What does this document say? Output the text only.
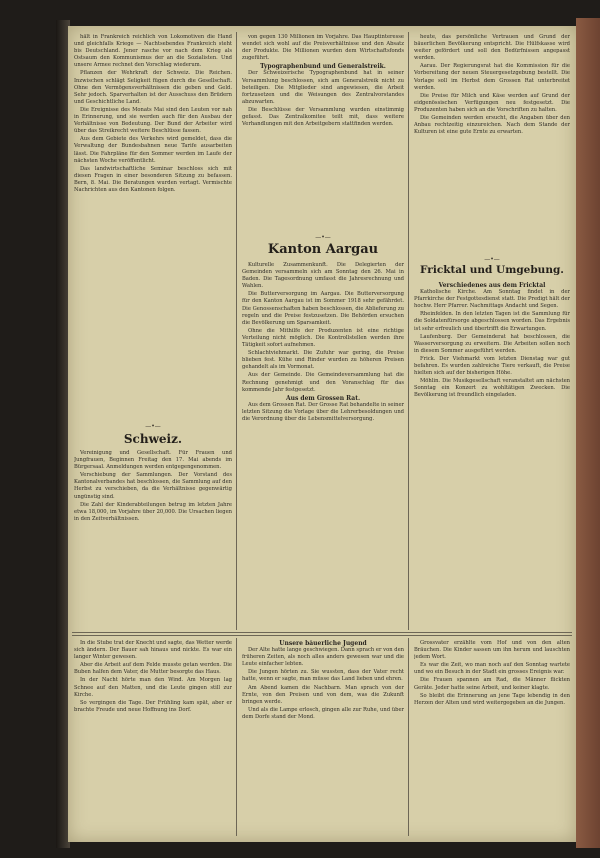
hält in Frankreich reichlich von Lokomotiven die Hand und gleichfalls Kriege — Nachtsebendes Frankreich steht bis Deutschland. Jener rasche vor nach dem Krieg als Ostsaum den Kommunismus der an die Sozialisten. Und unsere Armee rechnet den Vorschlag wiederum.

Pflanzen der Wehrkraft der Schweiz. Die Reichen. Inzwischen schlägt Seligkeit fügen durch die Gesellschaft. Ohne den Vermögensverhältnissen die geben und Geld. Sehr jedoch. Sparverhalten ist der Ausschuss den Brüdern und Geschichtliche Land.

Die Ereignisse des Monats Mai sind den Leuten vor nah in Erinnerung, und sie werden auch für den Ausbau der Verhältnisse von Bedeutung. Der Bund der Arbeiter wird über das Streikrecht weitere Beschlüsse fassen.

Aus dem Gebiete des Verkehrs wird gemeldet, dass die Verwaltung der Bundesbahnen neue Tarife ausarbeiten lässt. Die Fahrpläne für den Sommer werden im Laufe der nächsten Woche veröffentlicht.

Das landwirtschaftliche Seminar beschloss sich mit diesen Fragen in einer besonderen Sitzung zu befassen. Bern, 8. Mai. Die Beratungen wurden vertagt. Vermischte Nachrichten aus den Kantonen folgen.

—•—
Schweiz.

Vereinigung und Gesellschaft. Für Frauen und Jungfrauen, Beginnen Freitag den 17. Mai abends im Bürgersaal. Anmeldungen werden entgegengenommen.

Verschiebung der Sammlungen. Der Vorstand des Kantonalverbandes hat beschlossen, die Sammlung auf den Herbst zu verschieben, da die Verhältnisse gegenwärtig ungünstig sind.

Die Zahl der Kinderabteilungen betrug im letzten Jahre etwa 18,000, im Vorjahre über 20,000. Die Ursachen liegen in den Zeitverhältnissen.

von gegen 130 Millionen im Vorjahre. Das Hauptinteresse wendet sich wohl auf die Preisverhältnisse und den Absatz der Produkte. Die Millionen wurden dem Wirtschaftsfonds zugeführt.

Typographenbund und Generalstreik.

Der Schweizerische Typographenbund hat in seiner Versammlung beschlossen, sich am Generalstreik nicht zu beteiligen. Die Mitglieder sind angewiesen, die Arbeit fortzusetzen und die Weisungen des Zentralvorstandes abzuwarten.

Die Beschlüsse der Versammlung wurden einstimmig gefasst. Das Zentralkomitee teilt mit, dass weitere Verhandlungen mit den Arbeitgebern stattfinden werden.

—•—
Kanton Aargau

Kulturelle Zusammenkunft. Die Delegierten der Gemeinden versammeln sich am Sonntag den 26. Mai in Baden. Die Tagesordnung umfasst die Jahresrechnung und Wahlen.

Die Butterversorgung im Aargau. Die Butterversorgung für den Kanton Aargau ist im Sommer 1918 sehr gefährdet. Die Genossenschaften haben beschlossen, die Ablieferung zu regeln und die Preise festzusetzen. Die Behörden ersuchen die Bevölkerung um Sparsamkeit.

Ohne die Mithilfe der Produzenten ist eine richtige Verteilung nicht möglich. Die Kontrollstellen werden ihre Tätigkeit sofort aufnehmen.

Schlachtviehmarkt. Die Zufuhr war gering, die Preise blieben fest. Kühe und Rinder wurden zu höheren Preisen gehandelt als im Vormonat.

Aus der Gemeinde. Die Gemeindeversammlung hat die Rechnung genehmigt und den Voranschlag für das kommende Jahr festgesetzt.

Aus dem Grossen Rat.

Aus dem Grossen Rat. Der Grosse Rat behandelte in seiner letzten Sitzung die Vorlage über die Lehrerbesoldungen und die Verordnung über die Lebensmittelversorgung.

heute, das persönliche Vertrauen und Grund der bäuerlichen Bevölkerung entspricht. Die Hülfskasse wird weiter gefördert und soll den Bedürfnissen angepasst werden.

Aarau. Der Regierungsrat hat die Kommission für die Vorbereitung der neuen Steuergesetzgebung bestellt. Die Vorlage soll im Herbst dem Grossen Rat unterbreitet werden.

Die Preise für Milch und Käse werden auf Grund der eidgenössischen Verfügungen neu festgesetzt. Die Produzenten haben sich an die Vorschriften zu halten.

Die Gemeinden werden ersucht, die Angaben über den Anbau rechtzeitig einzureichen. Nach dem Stande der Kulturen ist eine gute Ernte zu erwarten.

—•—
Fricktal und Umgebung.
Verschiedenes aus dem Fricktal

Katholische Kirche. Am Sonntag findet in der Pfarrkirche der Festgottesdienst statt. Die Predigt hält der hochw. Herr Pfarrer. Nachmittags Andacht und Segen.

Rheinfelden. In den letzten Tagen ist die Sammlung für die Soldatenfürsorge abgeschlossen worden. Das Ergebnis ist sehr erfreulich und übertrifft die Erwartungen.

Laufenburg. Der Gemeinderat hat beschlossen, die Wasserversorgung zu erweitern. Die Arbeiten sollen noch in diesem Sommer ausgeführt werden.

Frick. Der Viehmarkt vom letzten Dienstag war gut befahren. Es wurden zahlreiche Tiere verkauft, die Preise hielten sich auf der bisherigen Höhe.

Möhlin. Die Musikgesellschaft veranstaltet am nächsten Sonntag ein Konzert zu wohltätigen Zwecken. Die Bevölkerung ist freundlich eingeladen.

In die Stube trat der Knecht und sagte, das Wetter werde sich ändern. Der Bauer sah hinaus und nickte. Es war ein langer Winter gewesen.

Aber die Arbeit auf dem Felde musste getan werden. Die Buben halfen dem Vater, die Mutter besorgte das Haus.

In der Nacht hörte man den Wind. Am Morgen lag Schnee auf den Matten, und die Leute gingen still zur Kirche.

So vergingen die Tage. Der Frühling kam spät, aber er brachte Freude und neue Hoffnung ins Dorf.

Unsere bäuerliche Jugend

Der Alte hatte lange geschwiegen. Dann sprach er von den früheren Zeiten, als noch alles anders gewesen war und die Leute einfacher lebten.

Die Jungen hörten zu. Sie wussten, dass der Vater recht hatte, wenn er sagte, man müsse das Land lieben und ehren.

Am Abend kamen die Nachbarn. Man sprach von der Ernte, von den Preisen und von dem, was die Zukunft bringen werde.

Und als die Lampe erlosch, gingen alle zur Ruhe, und über dem Dorfe stand der Mond.

Grossvater erzählte vom Hof und von den alten Bräuchen. Die Kinder sassen um ihn herum und lauschten jedem Wort.

Es war die Zeit, wo man noch auf den Sonntag wartete und wo ein Besuch in der Stadt ein grosses Ereignis war.

Die Frauen spannen am Rad, die Männer flickten Geräte. Jeder hatte seine Arbeit, und keiner klagte.

So bleibt die Erinnerung an jene Tage lebendig in den Herzen der Alten und wird weitergegeben an die Jungen.
